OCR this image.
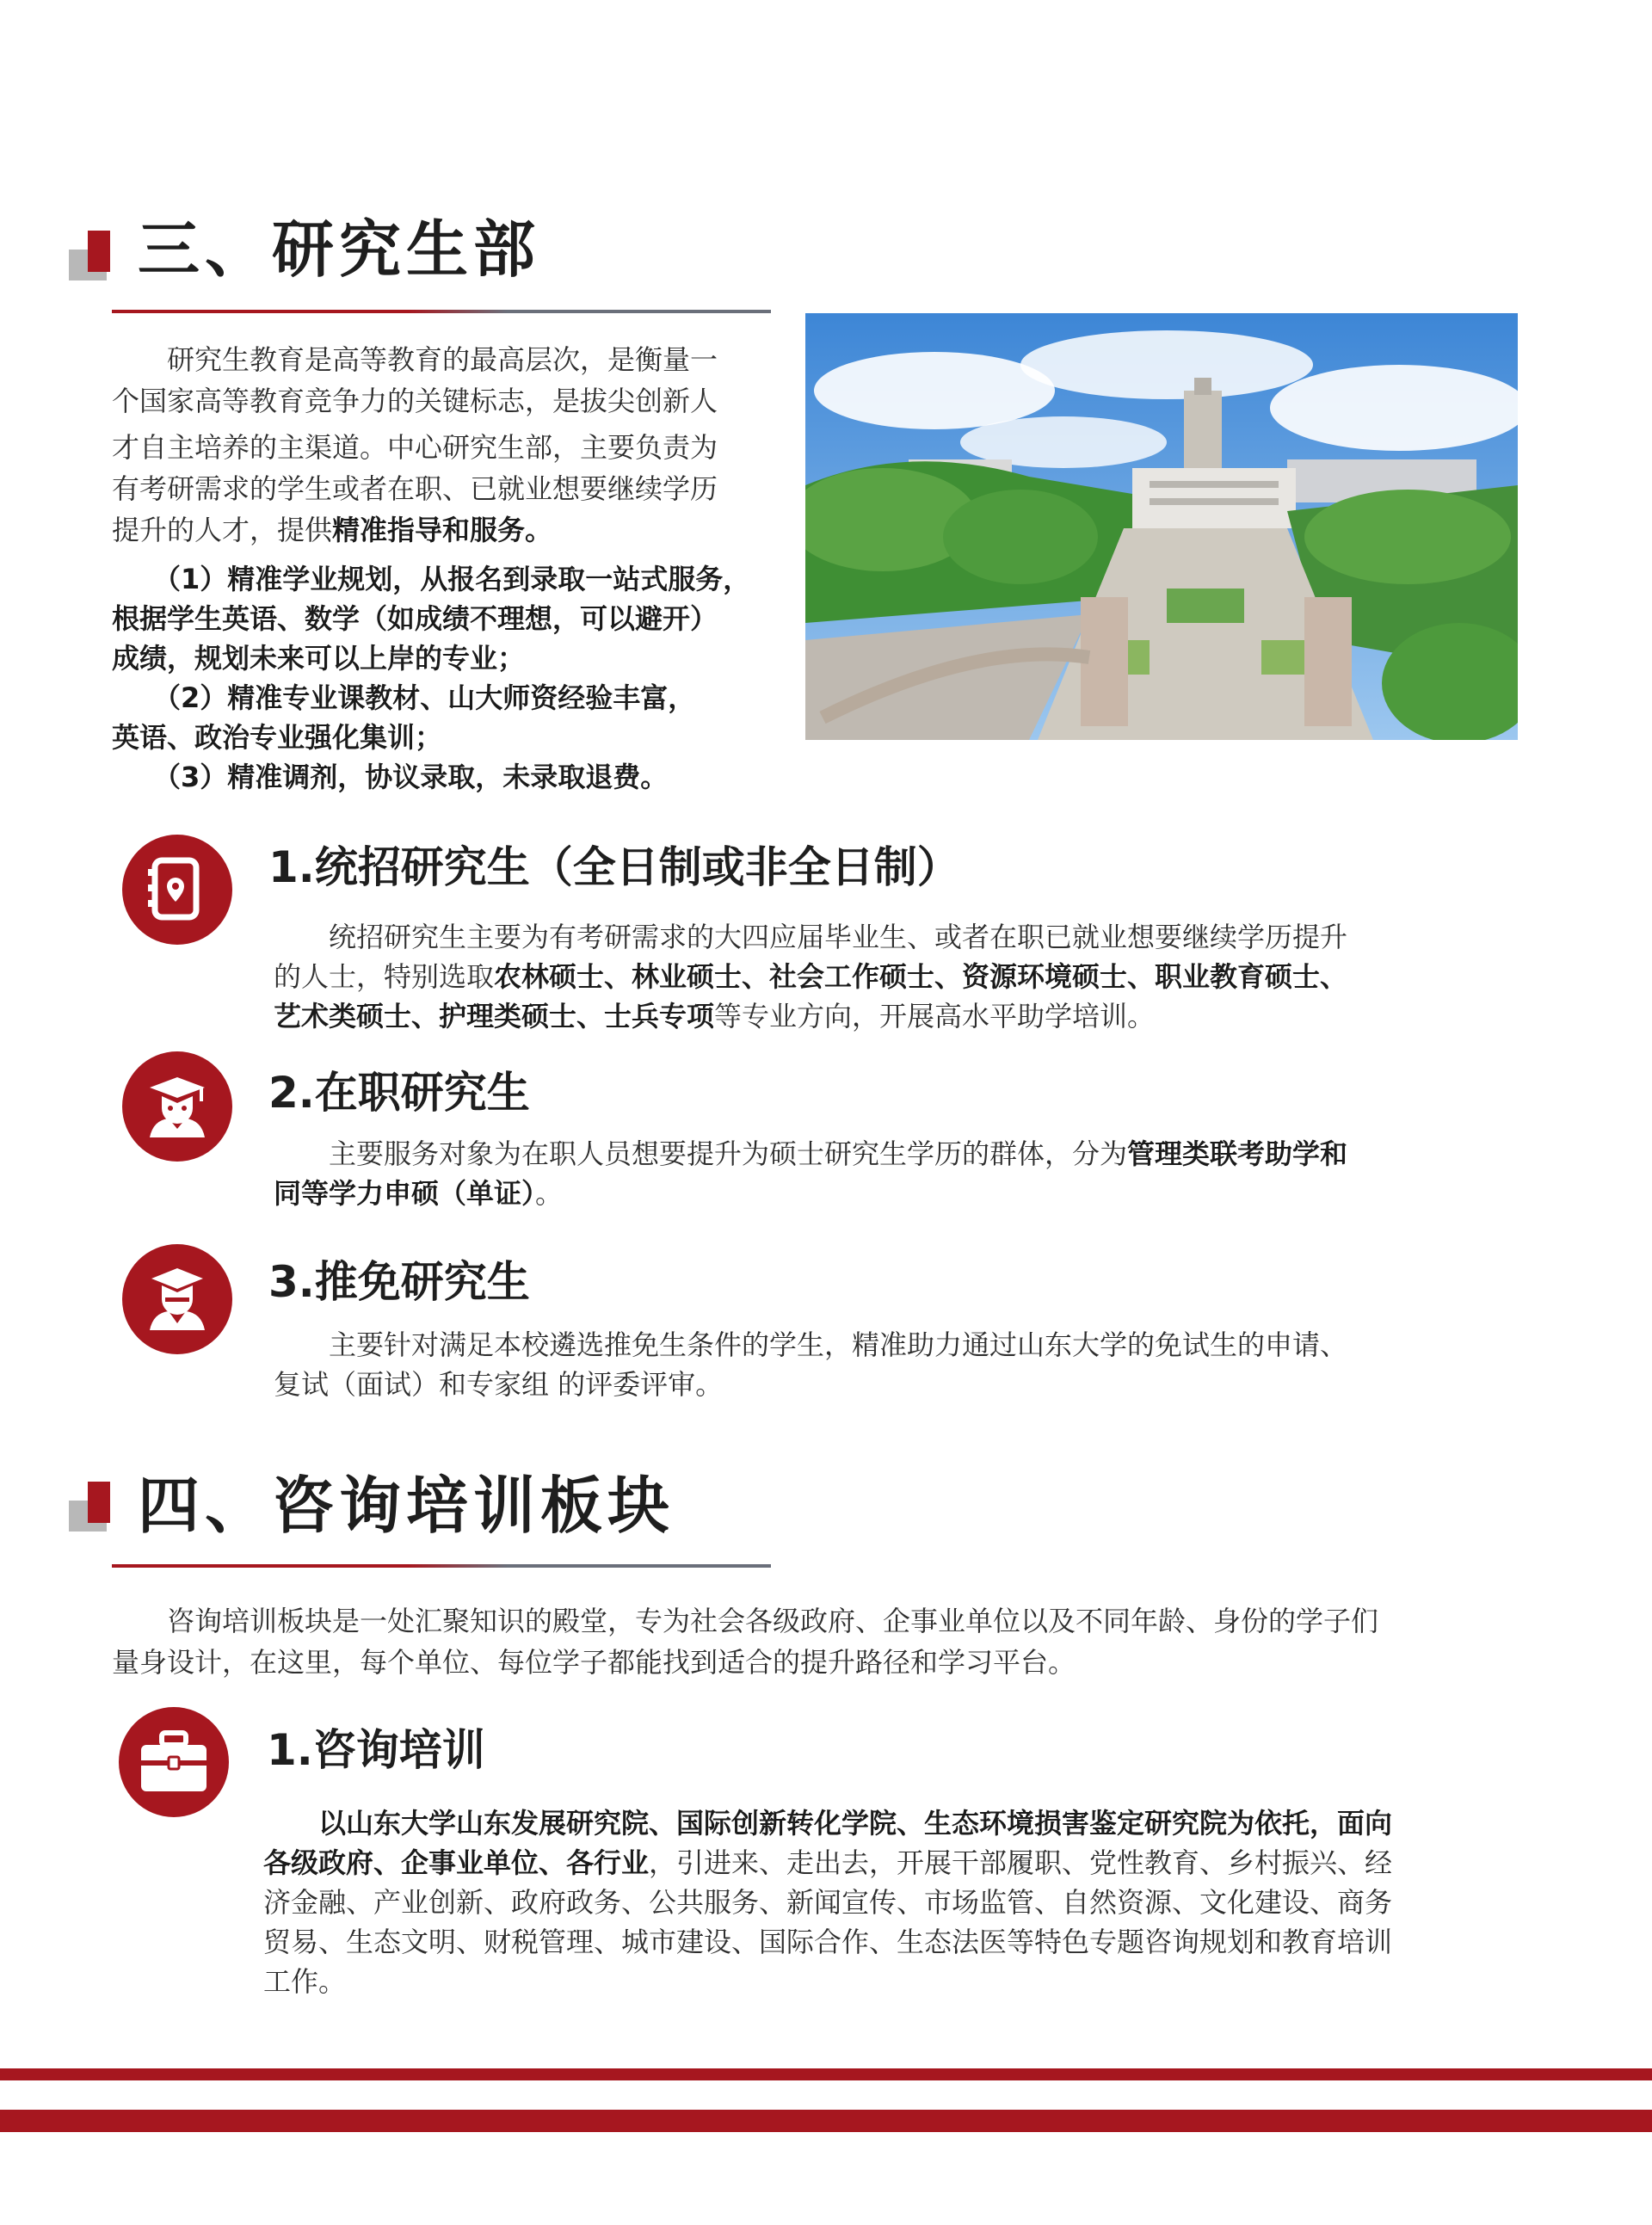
三、研究生部
研究生教育是高等教育的最高层次，是衡量一
个国家高等教育竞争力的关键标志，是拔尖创新人
才自主培养的主渠道。中心研究生部，主要负责为
有考研需求的学生或者在职、已就业想要继续学历
提升的人才，提供精准指导和服务。
（1）精准学业规划，从报名到录取一站式服务，
根据学生英语、数学（如成绩不理想，可以避开）
成绩，规划未来可以上岸的专业；
（2）精准专业课教材、山大师资经验丰富，
英语、政治专业强化集训；
（3）精准调剂，协议录取，未录取退费。
1.统招研究生（全日制或非全日制）
统招研究生主要为有考研需求的大四应届毕业生、或者在职已就业想要继续学历提升
的人士，特别选取农林硕士、林业硕士、社会工作硕士、资源环境硕士、职业教育硕士、
艺术类硕士、护理类硕士、士兵专项等专业方向，开展高水平助学培训。
2.在职研究生
主要服务对象为在职人员想要提升为硕士研究生学历的群体，分为管理类联考助学和
同等学力申硕（单证）。
3.推免研究生
主要针对满足本校遴选推免生条件的学生，精准助力通过山东大学的免试生的申请、
复试（面试）和专家组 的评委评审。
四、咨询培训板块
咨询培训板块是一处汇聚知识的殿堂，专为社会各级政府、企事业单位以及不同年龄、身份的学子们
量身设计，在这里，每个单位、每位学子都能找到适合的提升路径和学习平台。
1.咨询培训
以山东大学山东发展研究院、国际创新转化学院、生态环境损害鉴定研究院为依托，面向
各级政府、企事业单位、各行业，引进来、走出去，开展干部履职、党性教育、乡村振兴、经
济金融、产业创新、政府政务、公共服务、新闻宣传、市场监管、自然资源、文化建设、商务
贸易、生态文明、财税管理、城市建设、国际合作、生态法医等特色专题咨询规划和教育培训
工作。
